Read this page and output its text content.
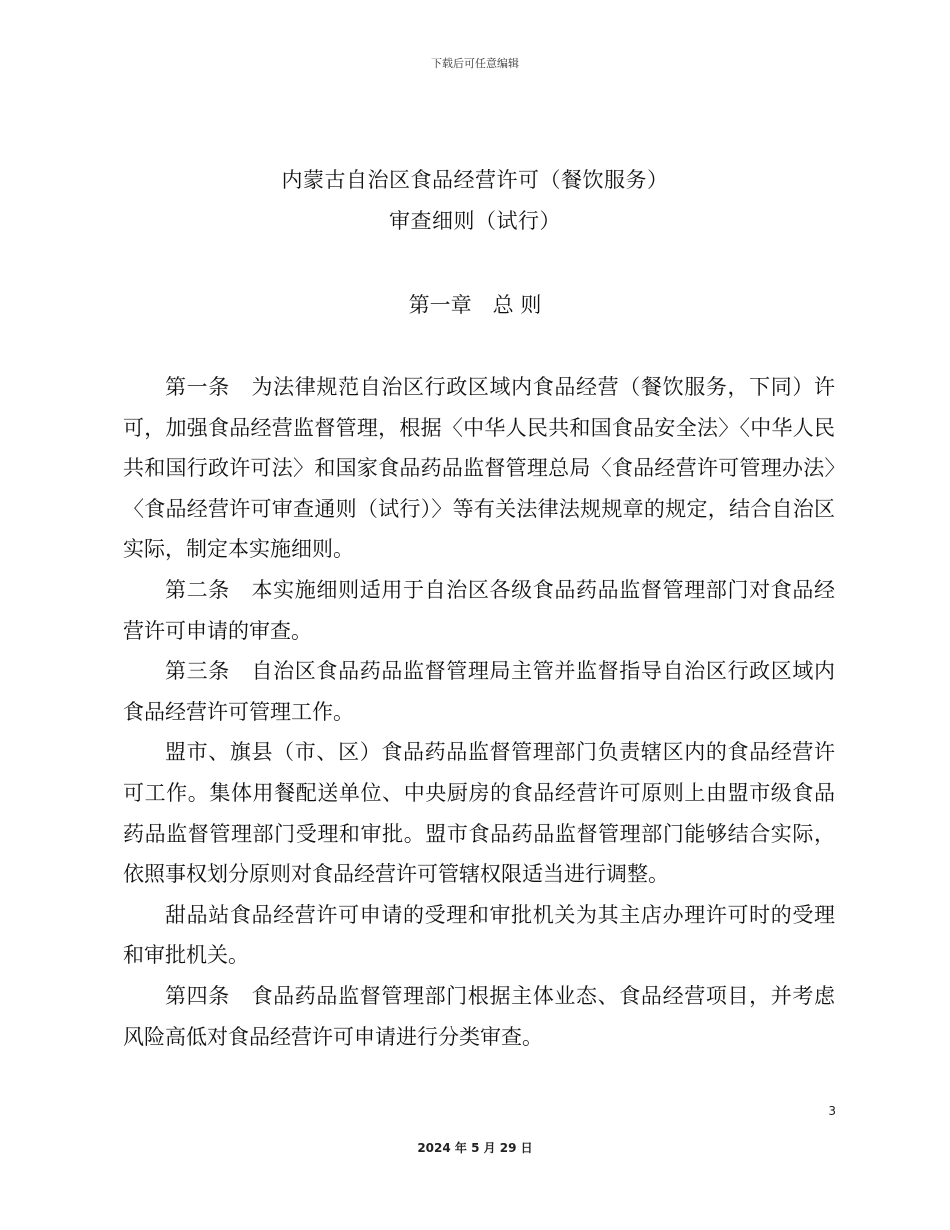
下载后可任意编辑
内蒙古自治区食品经营许可（餐饮服务）
审查细则（试行）
第一章　总 则

第一条　为法律规范自治区行政区域内食品经营（餐饮服务，下同）许可，加强食品经营监督管理，根据〈中华人民共和国食品安全法〉〈中华人民共和国行政许可法〉和国家食品药品监督管理总局〈食品经营许可管理办法〉〈食品经营许可审查通则（试行）〉等有关法律法规规章的规定，结合自治区实际，制定本实施细则。

第二条　本实施细则适用于自治区各级食品药品监督管理部门对食品经营许可申请的审查。

第三条　自治区食品药品监督管理局主管并监督指导自治区行政区域内食品经营许可管理工作。

盟市、旗县（市、区）食品药品监督管理部门负责辖区内的食品经营许可工作。集体用餐配送单位、中央厨房的食品经营许可原则上由盟市级食品药品监督管理部门受理和审批。盟市食品药品监督管理部门能够结合实际，依照事权划分原则对食品经营许可管辖权限适当进行调整。

甜品站食品经营许可申请的受理和审批机关为其主店办理许可时的受理和审批机关。

第四条　食品药品监督管理部门根据主体业态、食品经营项目，并考虑风险高低对食品经营许可申请进行分类审查。

3
2024 年 5 月 29 日
